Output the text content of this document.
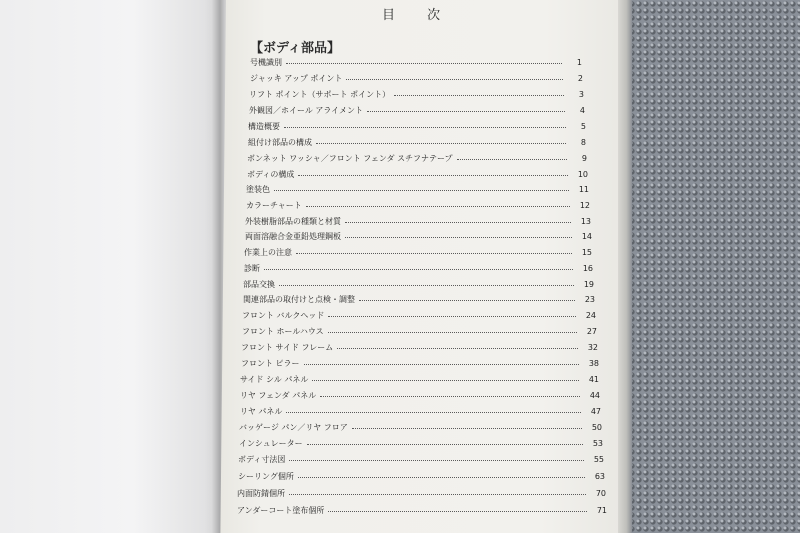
目 次
【ボディ部品】
号機識別	1
ジャッキ アップ ポイント	2
リフト ポイント（サポート ポイント）	3
外観図／ホイール アライメント	4
構造概要	5
組付け部品の構成	8
ボンネット ワッシャ／フロント フェンダ スチフナテープ	9
ボディの構成	10
塗装色	11
カラーチャート	12
外装樹脂部品の種類と材質	13
両面溶融合金亜鉛処理鋼板	14
作業上の注意	15
診断	16
部品交換	19
関連部品の取付けと点検・調整	23
フロント バルクヘッド	24
フロント ホールハウス	27
フロント サイド フレーム	32
フロント ピラー	38
サイド シル パネル	41
リヤ フェンダ パネル	44
リヤ パネル	47
バッゲージ パン／リヤ フロア	50
インシュレーター	53
ボディ寸法図	55
シーリング個所	63
内面防錆個所	70
アンダーコート塗布個所	71
